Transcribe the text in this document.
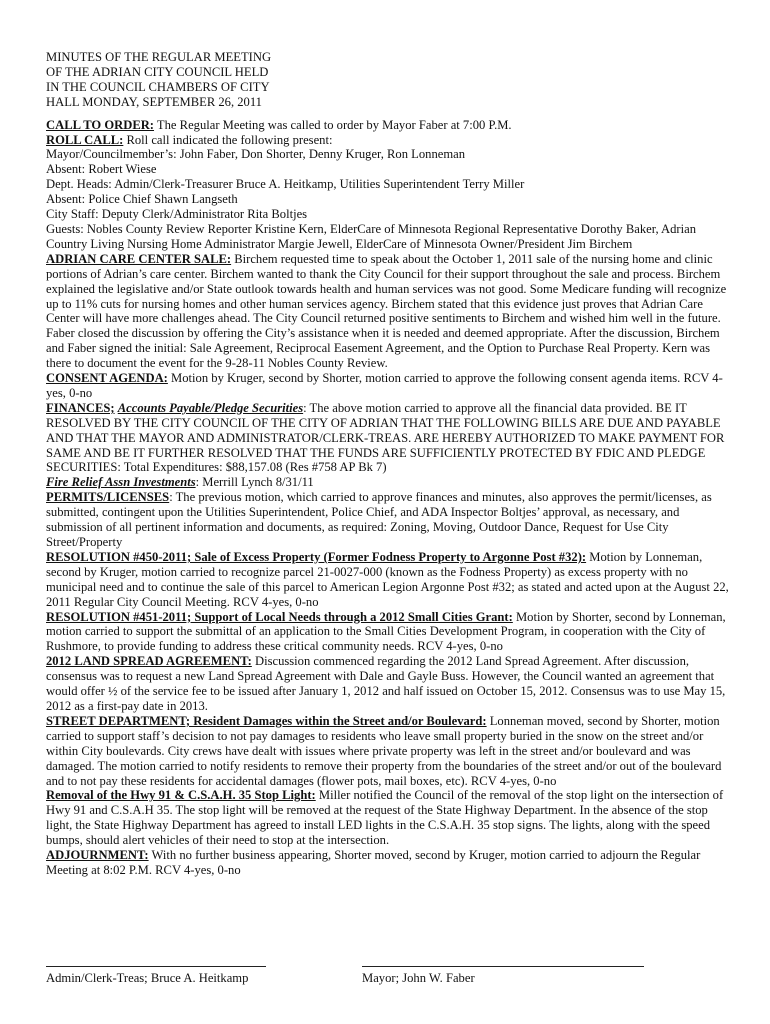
MINUTES OF THE REGULAR MEETING
OF THE ADRIAN CITY COUNCIL HELD
IN THE COUNCIL CHAMBERS OF CITY
HALL MONDAY, SEPTEMBER 26, 2011

CALL TO ORDER: The Regular Meeting was called to order by Mayor Faber at 7:00 P.M.

ROLL CALL: Roll call indicated the following present:

Mayor/Councilmember’s: John Faber, Don Shorter, Denny Kruger, Ron Lonneman

Absent: Robert Wiese

Dept. Heads: Admin/Clerk-Treasurer Bruce A. Heitkamp, Utilities Superintendent Terry Miller

Absent: Police Chief Shawn Langseth

City Staff: Deputy Clerk/Administrator Rita Boltjes

Guests: Nobles County Review Reporter Kristine Kern, ElderCare of Minnesota Regional Representative Dorothy Baker, Adrian Country Living Nursing Home Administrator Margie Jewell, ElderCare of Minnesota Owner/President Jim Birchem

ADRIAN CARE CENTER SALE: Birchem requested time to speak about the October 1, 2011 sale of the nursing home and clinic portions of Adrian’s care center. Birchem wanted to thank the City Council for their support throughout the sale and process. Birchem explained the legislative and/or State outlook towards health and human services was not good. Some Medicare funding will recognize up to 11% cuts for nursing homes and other human services agency. Birchem stated that this evidence just proves that Adrian Care Center will have more challenges ahead. The City Council returned positive sentiments to Birchem and wished him well in the future. Faber closed the discussion by offering the City’s assistance when it is needed and deemed appropriate. After the discussion, Birchem and Faber signed the initial: Sale Agreement, Reciprocal Easement Agreement, and the Option to Purchase Real Property. Kern was there to document the event for the 9-28-11 Nobles County Review.

CONSENT AGENDA: Motion by Kruger, second by Shorter, motion carried to approve the following consent agenda items. RCV 4-yes, 0-no

FINANCES; Accounts Payable/Pledge Securities: The above motion carried to approve all the financial data provided. BE IT RESOLVED BY THE CITY COUNCIL OF THE CITY OF ADRIAN THAT THE FOLLOWING BILLS ARE DUE AND PAYABLE AND THAT THE MAYOR AND ADMINISTRATOR/CLERK-TREAS. ARE HEREBY AUTHORIZED TO MAKE PAYMENT FOR SAME AND BE IT FURTHER RESOLVED THAT THE FUNDS ARE SUFFICIENTLY PROTECTED BY FDIC AND PLEDGE SECURITIES: Total Expenditures: $88,157.08 (Res #758 AP Bk 7)

Fire Relief Assn Investments: Merrill Lynch 8/31/11

PERMITS/LICENSES: The previous motion, which carried to approve finances and minutes, also approves the permit/licenses, as submitted, contingent upon the Utilities Superintendent, Police Chief, and ADA Inspector Boltjes’ approval, as necessary, and submission of all pertinent information and documents, as required: Zoning, Moving, Outdoor Dance, Request for Use City Street/Property

RESOLUTION #450-2011; Sale of Excess Property (Former Fodness Property to Argonne Post #32): Motion by Lonneman, second by Kruger, motion carried to recognize parcel 21-0027-000 (known as the Fodness Property) as excess property with no municipal need and to continue the sale of this parcel to American Legion Argonne Post #32; as stated and acted upon at the August 22, 2011 Regular City Council Meeting. RCV 4-yes, 0-no

RESOLUTION #451-2011; Support of Local Needs through a 2012 Small Cities Grant: Motion by Shorter, second by Lonneman, motion carried to support the submittal of an application to the Small Cities Development Program, in cooperation with the City of Rushmore, to provide funding to address these critical community needs. RCV 4-yes, 0-no

2012 LAND SPREAD AGREEMENT: Discussion commenced regarding the 2012 Land Spread Agreement. After discussion, consensus was to request a new Land Spread Agreement with Dale and Gayle Buss. However, the Council wanted an agreement that would offer ½ of the service fee to be issued after January 1, 2012 and half issued on October 15, 2012. Consensus was to use May 15, 2012 as a first-pay date in 2013.

STREET DEPARTMENT; Resident Damages within the Street and/or Boulevard: Lonneman moved, second by Shorter, motion carried to support staff’s decision to not pay damages to residents who leave small property buried in the snow on the street and/or within City boulevards. City crews have dealt with issues where private property was left in the street and/or boulevard and was damaged. The motion carried to notify residents to remove their property from the boundaries of the street and/or out of the boulevard and to not pay these residents for accidental damages (flower pots, mail boxes, etc). RCV 4-yes, 0-no

Removal of the Hwy 91 & C.S.A.H. 35 Stop Light: Miller notified the Council of the removal of the stop light on the intersection of Hwy 91 and C.S.A.H 35. The stop light will be removed at the request of the State Highway Department. In the absence of the stop light, the State Highway Department has agreed to install LED lights in the C.S.A.H. 35 stop signs. The lights, along with the speed bumps, should alert vehicles of their need to stop at the intersection.

ADJOURNMENT: With no further business appearing, Shorter moved, second by Kruger, motion carried to adjourn the Regular Meeting at 8:02 P.M. RCV 4-yes, 0-no

Admin/Clerk-Treas; Bruce A. Heitkamp	Mayor; John W. Faber
